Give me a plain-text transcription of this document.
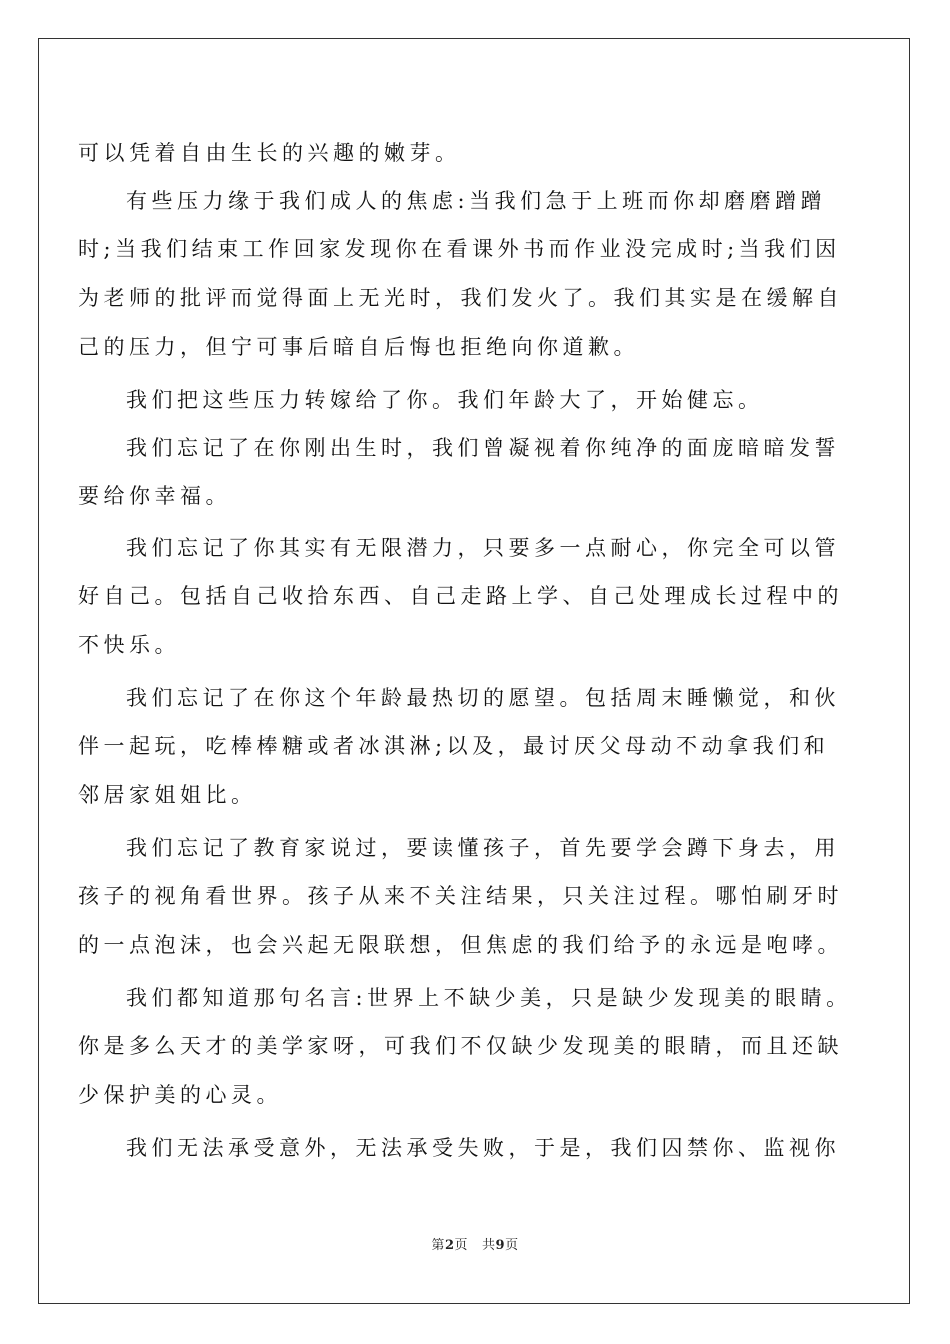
可以凭着自由生长的兴趣的嫩芽。
有些压力缘于我们成人的焦虑:当我们急于上班而你却磨磨蹭蹭
时;当我们结束工作回家发现你在看课外书而作业没完成时;当我们因
为老师的批评而觉得面上无光时，我们发火了。我们其实是在缓解自
己的压力，但宁可事后暗自后悔也拒绝向你道歉。
我们把这些压力转嫁给了你。我们年龄大了，开始健忘。
我们忘记了在你刚出生时，我们曾凝视着你纯净的面庞暗暗发誓
要给你幸福。
我们忘记了你其实有无限潜力，只要多一点耐心，你完全可以管
好自己。包括自己收拾东西、自己走路上学、自己处理成长过程中的
不快乐。
我们忘记了在你这个年龄最热切的愿望。包括周末睡懒觉，和伙
伴一起玩，吃棒棒糖或者冰淇淋;以及，最讨厌父母动不动拿我们和
邻居家姐姐比。
我们忘记了教育家说过，要读懂孩子，首先要学会蹲下身去，用
孩子的视角看世界。孩子从来不关注结果，只关注过程。哪怕刷牙时
的一点泡沫，也会兴起无限联想，但焦虑的我们给予的永远是咆哮。
我们都知道那句名言:世界上不缺少美，只是缺少发现美的眼睛。
你是多么天才的美学家呀，可我们不仅缺少发现美的眼睛，而且还缺
少保护美的心灵。
我们无法承受意外，无法承受失败，于是，我们囚禁你、监视你
第2页 共9页
